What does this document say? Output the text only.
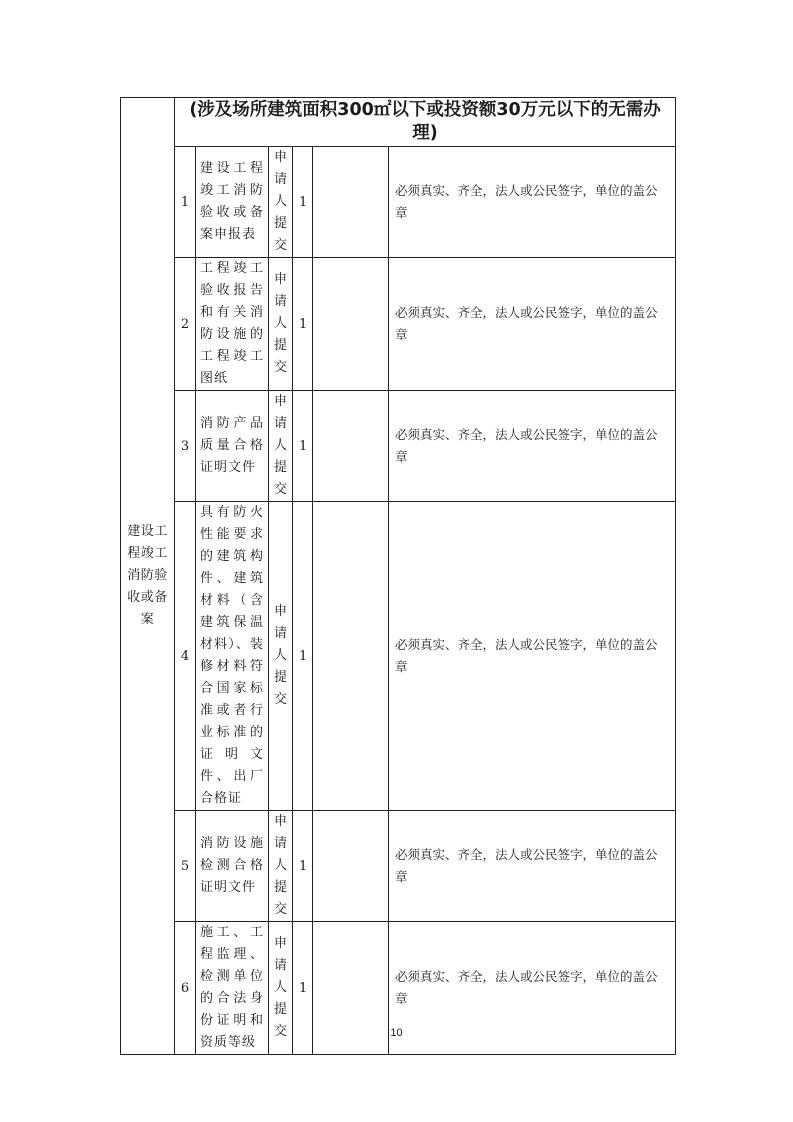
建设工程竣工消防验收或备案	(涉及场所建筑面积300㎡以下或投资额30万元以下的无需办理)					
	1	建设工程竣工消防验收或备案申报表	申请人提交	1		必须真实、齐全，法人或公民签字，单位的盖公章
	2	工程竣工验收报告和有关消防设施的工程竣工图纸	申请人提交	1		必须真实、齐全，法人或公民签字，单位的盖公章
	3	消防产品质量合格证明文件	申请人提交	1		必须真实、齐全，法人或公民签字，单位的盖公章
	4	具有防火性能要求的建筑构件、建筑材料（含建筑保温材料）、装修材料符合国家标准或者行业标准的证明文件、出厂合格证	申请人提交	1		必须真实、齐全，法人或公民签字，单位的盖公章
	5	消防设施检测合格证明文件	申请人提交	1		必须真实、齐全，法人或公民签字，单位的盖公章
	6	施工、工程监理、检测单位的合法身份证明和资质等级	申请人提交	1		必须真实、齐全，法人或公民签字，单位的盖公章
10
